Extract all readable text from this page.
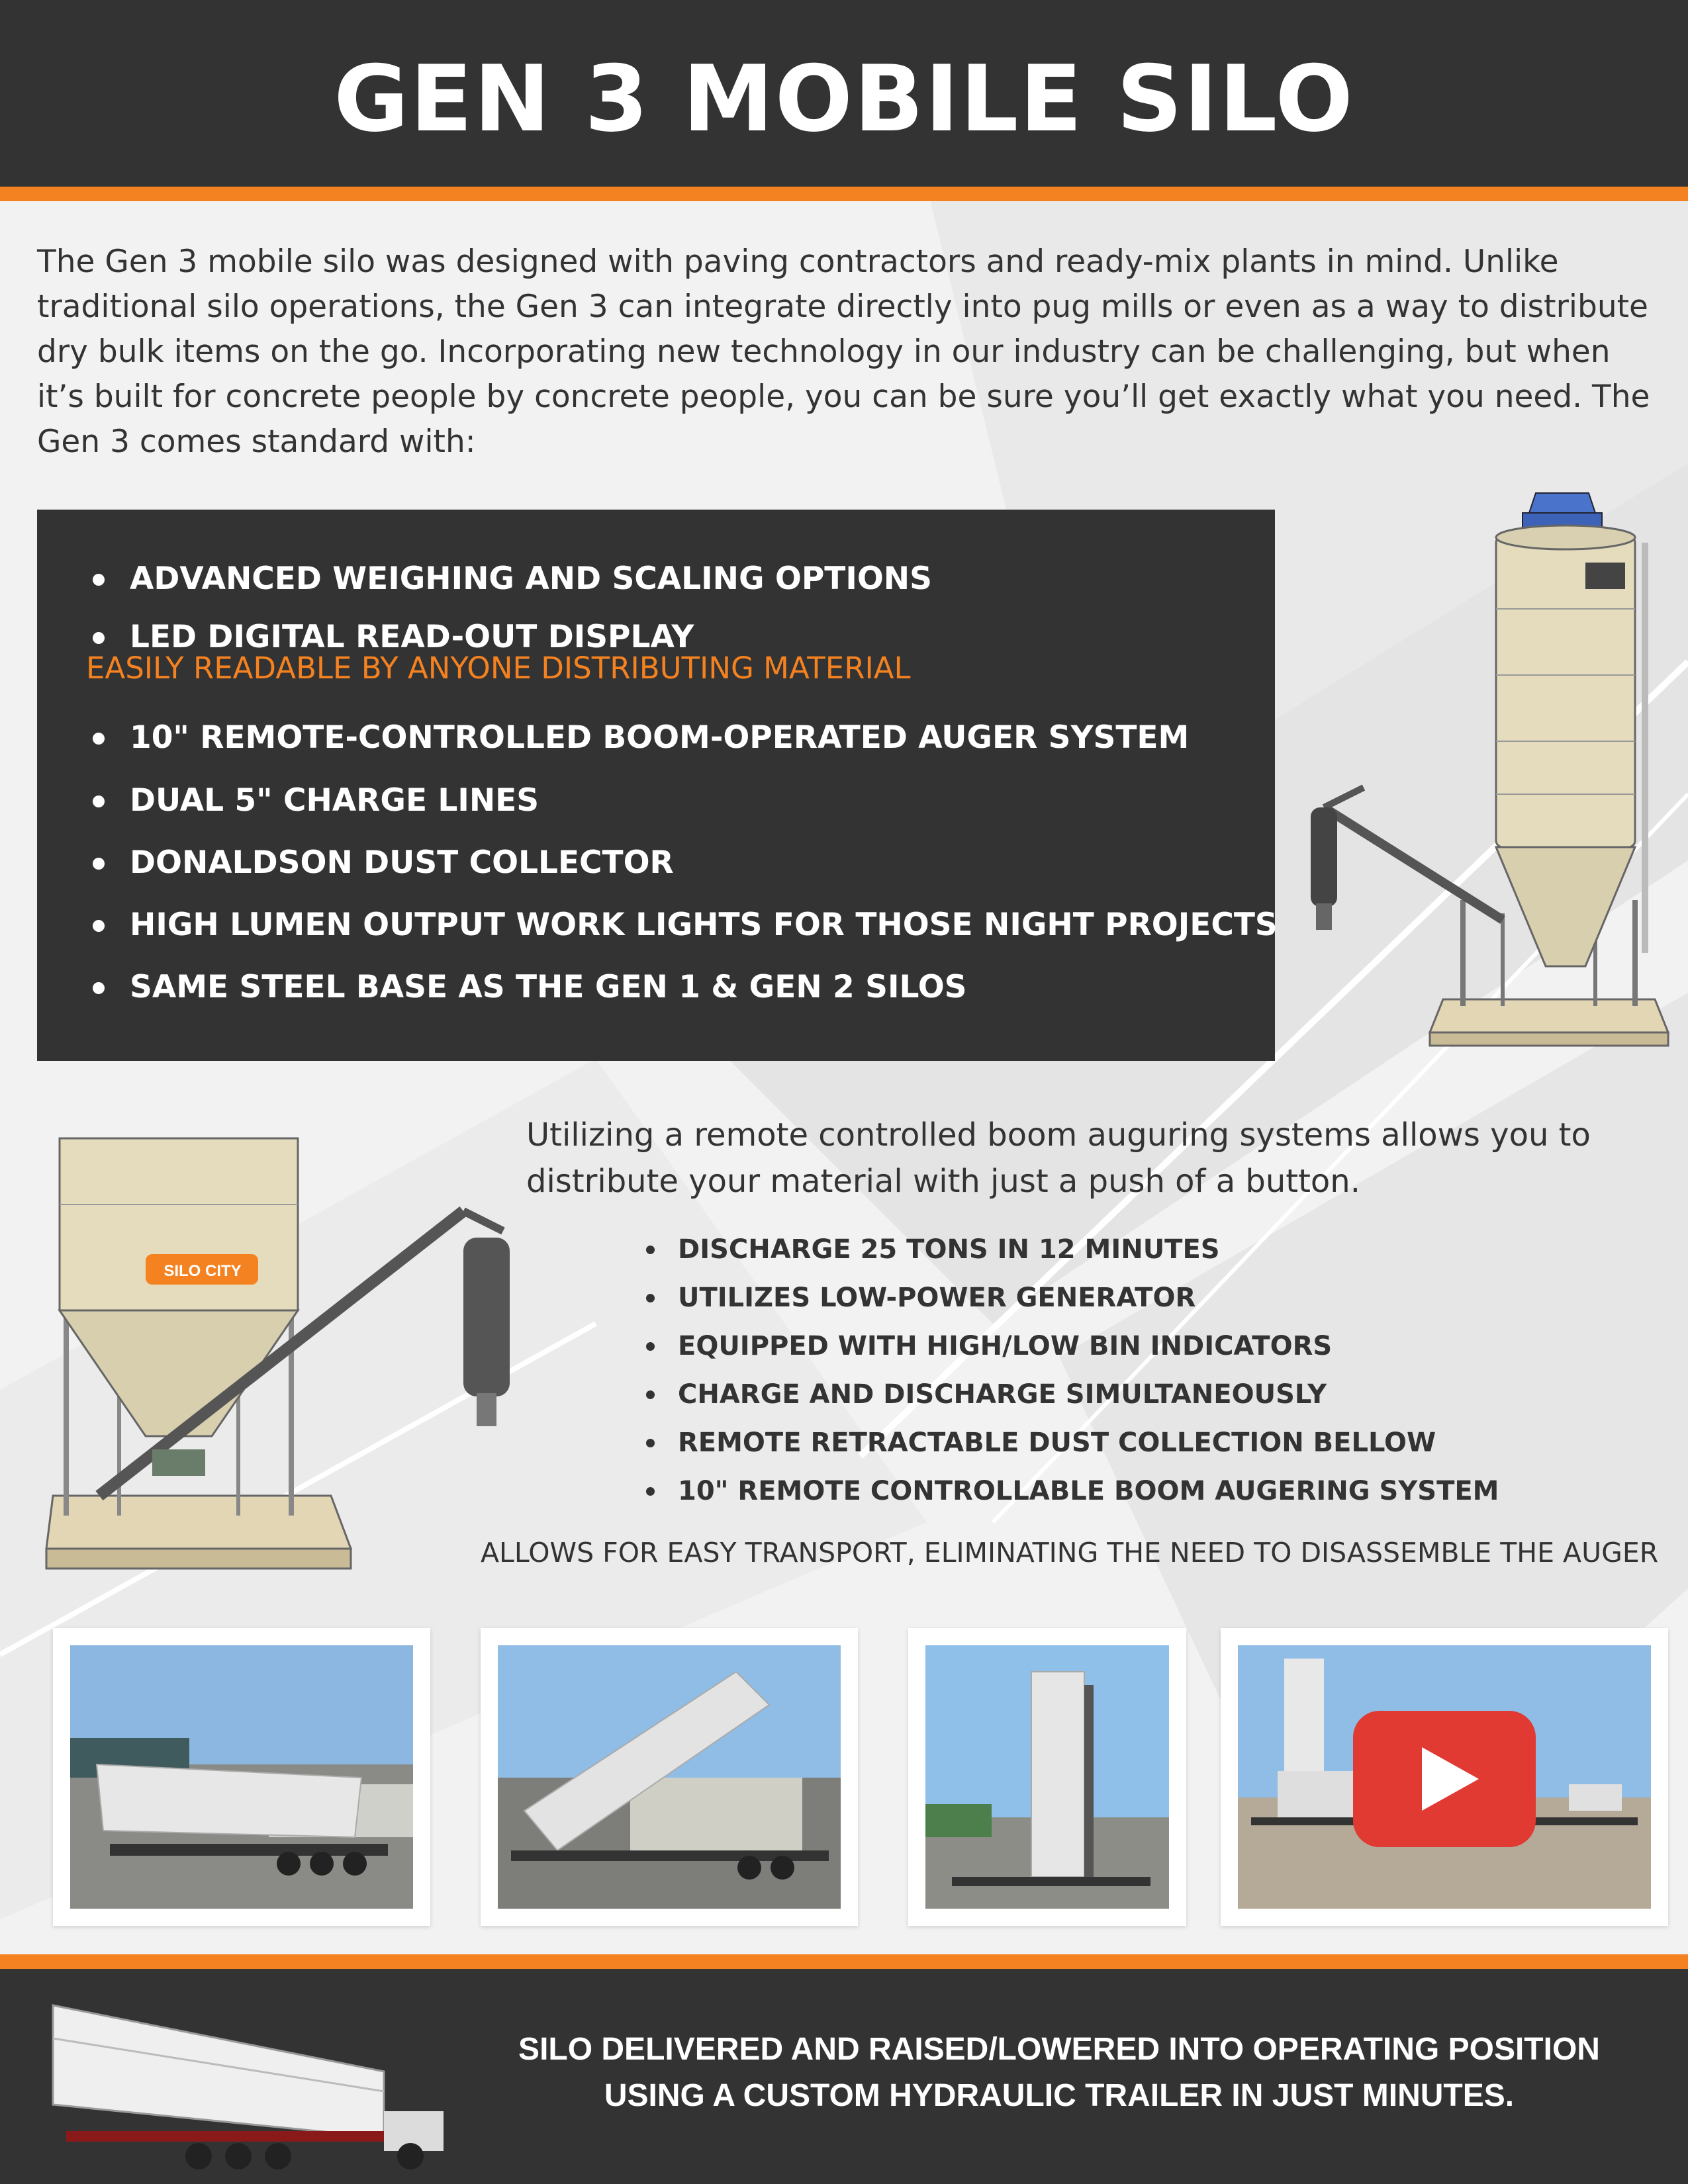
GEN 3 MOBILE SILO
The Gen 3 mobile silo was designed with paving contractors and ready-mix plants in mind. Unlike traditional silo operations, the Gen 3 can integrate directly into pug mills or even as a way to distribute dry bulk items on the go. Incorporating new technology in our industry can be challenging, but when it’s built for concrete people by concrete people, you can be sure you’ll get exactly what you need. The Gen 3 comes standard with:
ADVANCED WEIGHING AND SCALING OPTIONS
LED DIGITAL READ-OUT DISPLAY
10" REMOTE-CONTROLLED BOOM-OPERATED AUGER SYSTEM
DUAL 5" CHARGE LINES
DONALDSON DUST COLLECTOR
HIGH LUMEN OUTPUT WORK LIGHTS FOR THOSE NIGHT PROJECTS
SAME STEEL BASE AS THE GEN 1 & GEN 2 SILOS
EASILY READABLE BY ANYONE DISTRIBUTING MATERIAL
SILO CITY
Utilizing a remote controlled boom auguring systems allows you to distribute your material with just a push of a button.
DISCHARGE 25 TONS IN 12 MINUTES
UTILIZES LOW-POWER GENERATOR
EQUIPPED WITH HIGH/LOW BIN INDICATORS
CHARGE AND DISCHARGE SIMULTANEOUSLY
REMOTE RETRACTABLE DUST COLLECTION BELLOW
10" REMOTE CONTROLLABLE BOOM AUGERING SYSTEM
ALLOWS FOR EASY TRANSPORT, ELIMINATING THE NEED TO DISASSEMBLE THE AUGER
SILO DELIVERED AND RAISED/LOWERED INTO OPERATING POSITION
USING A CUSTOM HYDRAULIC TRAILER IN JUST MINUTES.
